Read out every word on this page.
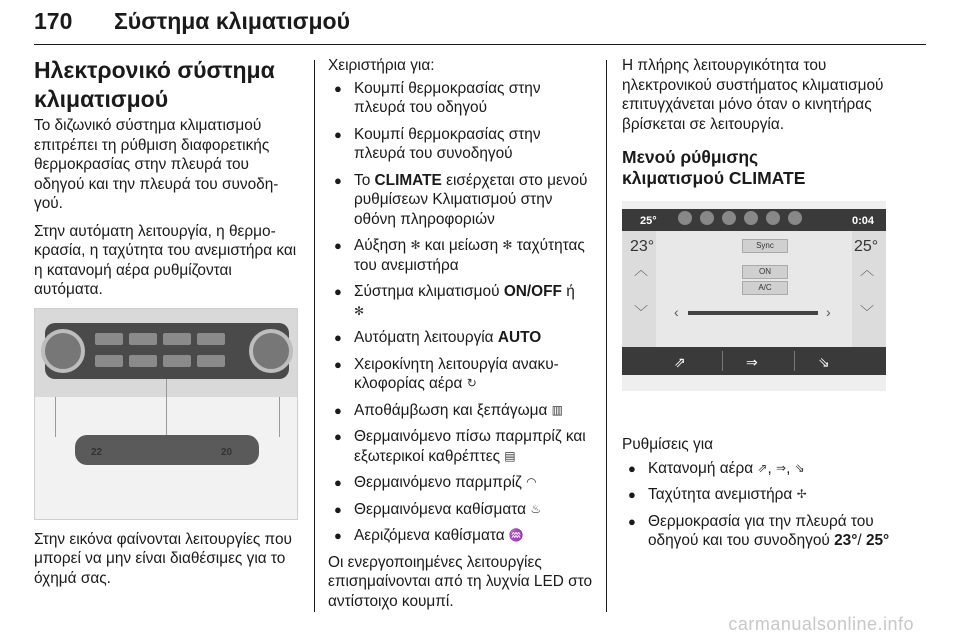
170 Σύστημα κλιματισμού
Ηλεκτρονικό σύστημα κλιματισμού

Το διζωνικό σύστημα κλιματισμού επιτρέπει τη ρύθμιση διαφορετικής θερμοκρασίας στην πλευρά του οδηγού και την πλευρά του συνοδηγού.

Στην αυτόματη λειτουργία, η θερμοκρασία, η ταχύτητα του ανεμιστήρα και η κατανομή αέρα ρυθμίζονται αυτόματα.

22	20

Στην εικόνα φαίνονται λειτουργίες που μπορεί να μην είναι διαθέσιμες για το όχημά σας.

Χειριστήρια για:

● Κουμπί θερμοκρασίας στην πλευρά του οδηγού
● Κουμπί θερμοκρασίας στην πλευρά του συνοδηγού
● Το CLIMATE εισέρχεται στο μενού ρυθμίσεων Κλιματισμού στην οθόνη πληροφοριών
● Αύξηση ✻ και μείωση ✻ ταχύτητας του ανεμιστήρα
● Σύστημα κλιματισμού ON/OFF ή
✻
● Αυτόματη λειτουργία AUTO
● Χειροκίνητη λειτουργία ανακυκλοφορίας αέρα ↻
● Αποθάμβωση και ξεπάγωμα ▥
● Θερμαινόμενο πίσω παρμπρίζ και εξωτερικοί καθρέπτες ▤
● Θερμαινόμενο παρμπρίζ ◠
● Θερμαινόμενα καθίσματα ♨
● Αεριζόμενα καθίσματα ♒

Οι ενεργοποιημένες λειτουργίες επισημαίνονται από τη λυχνία LED στο αντίστοιχο κουμπί.

Η πλήρης λειτουργικότητα του ηλεκτρονικού συστήματος κλιματισμού επιτυγχάνεται μόνο όταν ο κινητήρας βρίσκεται σε λειτουργία.

Μενού ρύθμισης κλιματισμού CLIMATE
25°	0:04
23°	25°
︿
﹀
︿
﹀
Sync
ON
A/C
‹	›
⇗	⇒	⇘

Ρυθμίσεις για

● Κατανομή αέρα ⇗, ⇒, ⇘
● Ταχύτητα ανεμιστήρα ✢
● Θερμοκρασία για την πλευρά του οδηγού και του συνοδηγού 23°/ 25°
carmanualsonline.info
